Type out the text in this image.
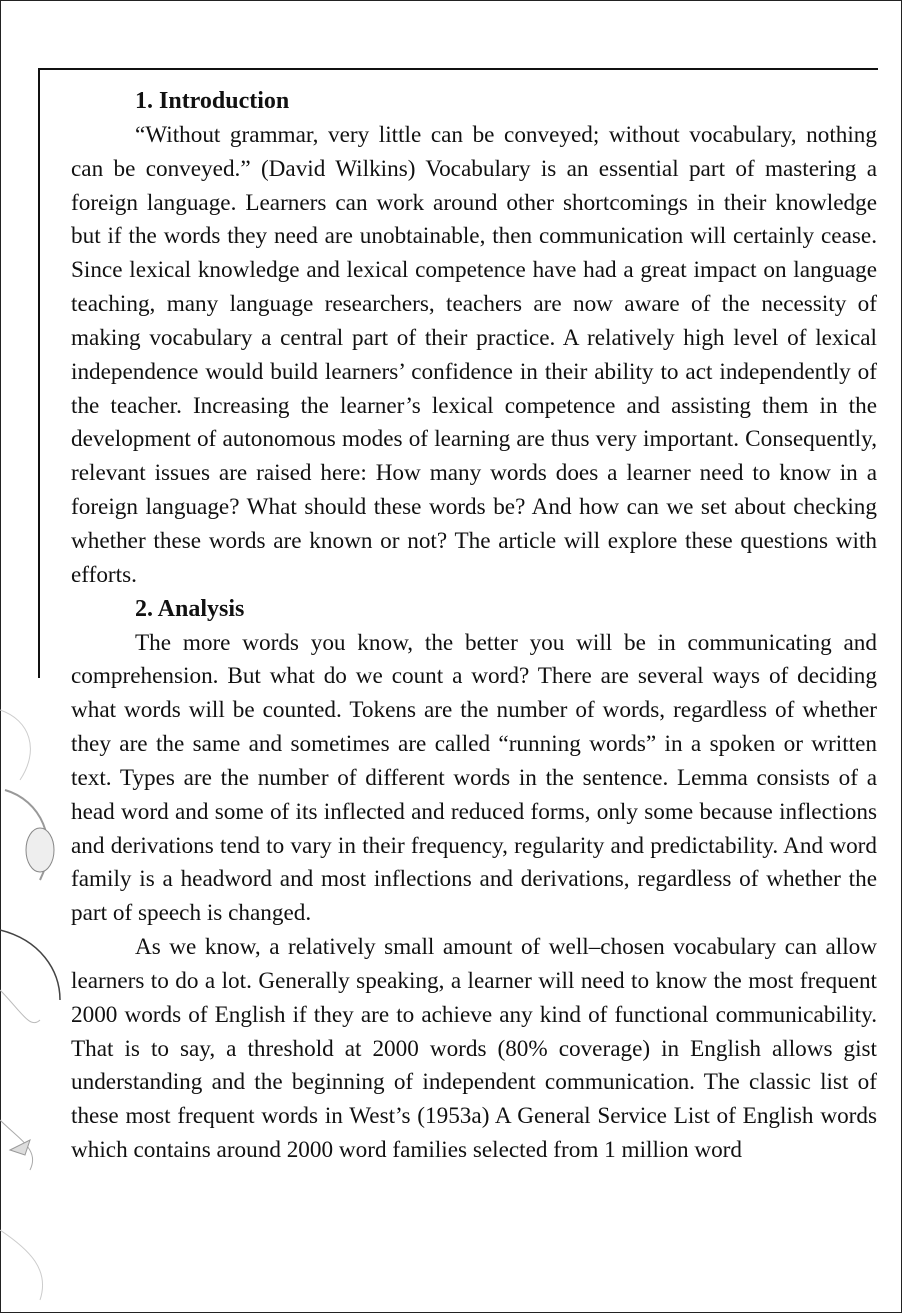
1. Introduction

“Without grammar, very little can be conveyed; without vocabulary, nothing can be conveyed.” (David Wilkins) Vocabulary is an essential part of mastering a foreign language. Learners can work around other shortcomings in their knowledge but if the words they need are unobtainable, then communication will certainly cease. Since lexical knowledge and lexical competence have had a great impact on language teaching, many language researchers, teachers are now aware of the necessity of making vocabulary a central part of their practice. A relatively high level of lexical independence would build learners’ confidence in their ability to act independently of the teacher. Increasing the learner’s lexical competence and assisting them in the development of autonomous modes of learning are thus very important. Consequently, relevant issues are raised here: How many words does a learner need to know in a foreign language? What should these words be? And how can we set about checking whether these words are known or not? The article will explore these questions with efforts.

2. Analysis

The more words you know, the better you will be in communicating and comprehension. But what do we count a word? There are several ways of deciding what words will be counted. Tokens are the number of words, regardless of whether they are the same and sometimes are called “running words” in a spoken or written text. Types are the number of different words in the sentence. Lemma consists of a head word and some of its inflected and reduced forms, only some because inflections and derivations tend to vary in their frequency, regularity and predictability. And word family is a headword and most inflections and derivations, regardless of whether the part of speech is changed.

As we know, a relatively small amount of well–chosen vocabulary can allow learners to do a lot. Generally speaking, a learner will need to know the most frequent 2000 words of English if they are to achieve any kind of functional communicability. That is to say, a threshold at 2000 words (80% coverage) in English allows gist understanding and the beginning of independent communication. The classic list of these most frequent words in West’s (1953a) A General Service List of English words which contains around 2000 word families selected from 1 million word
